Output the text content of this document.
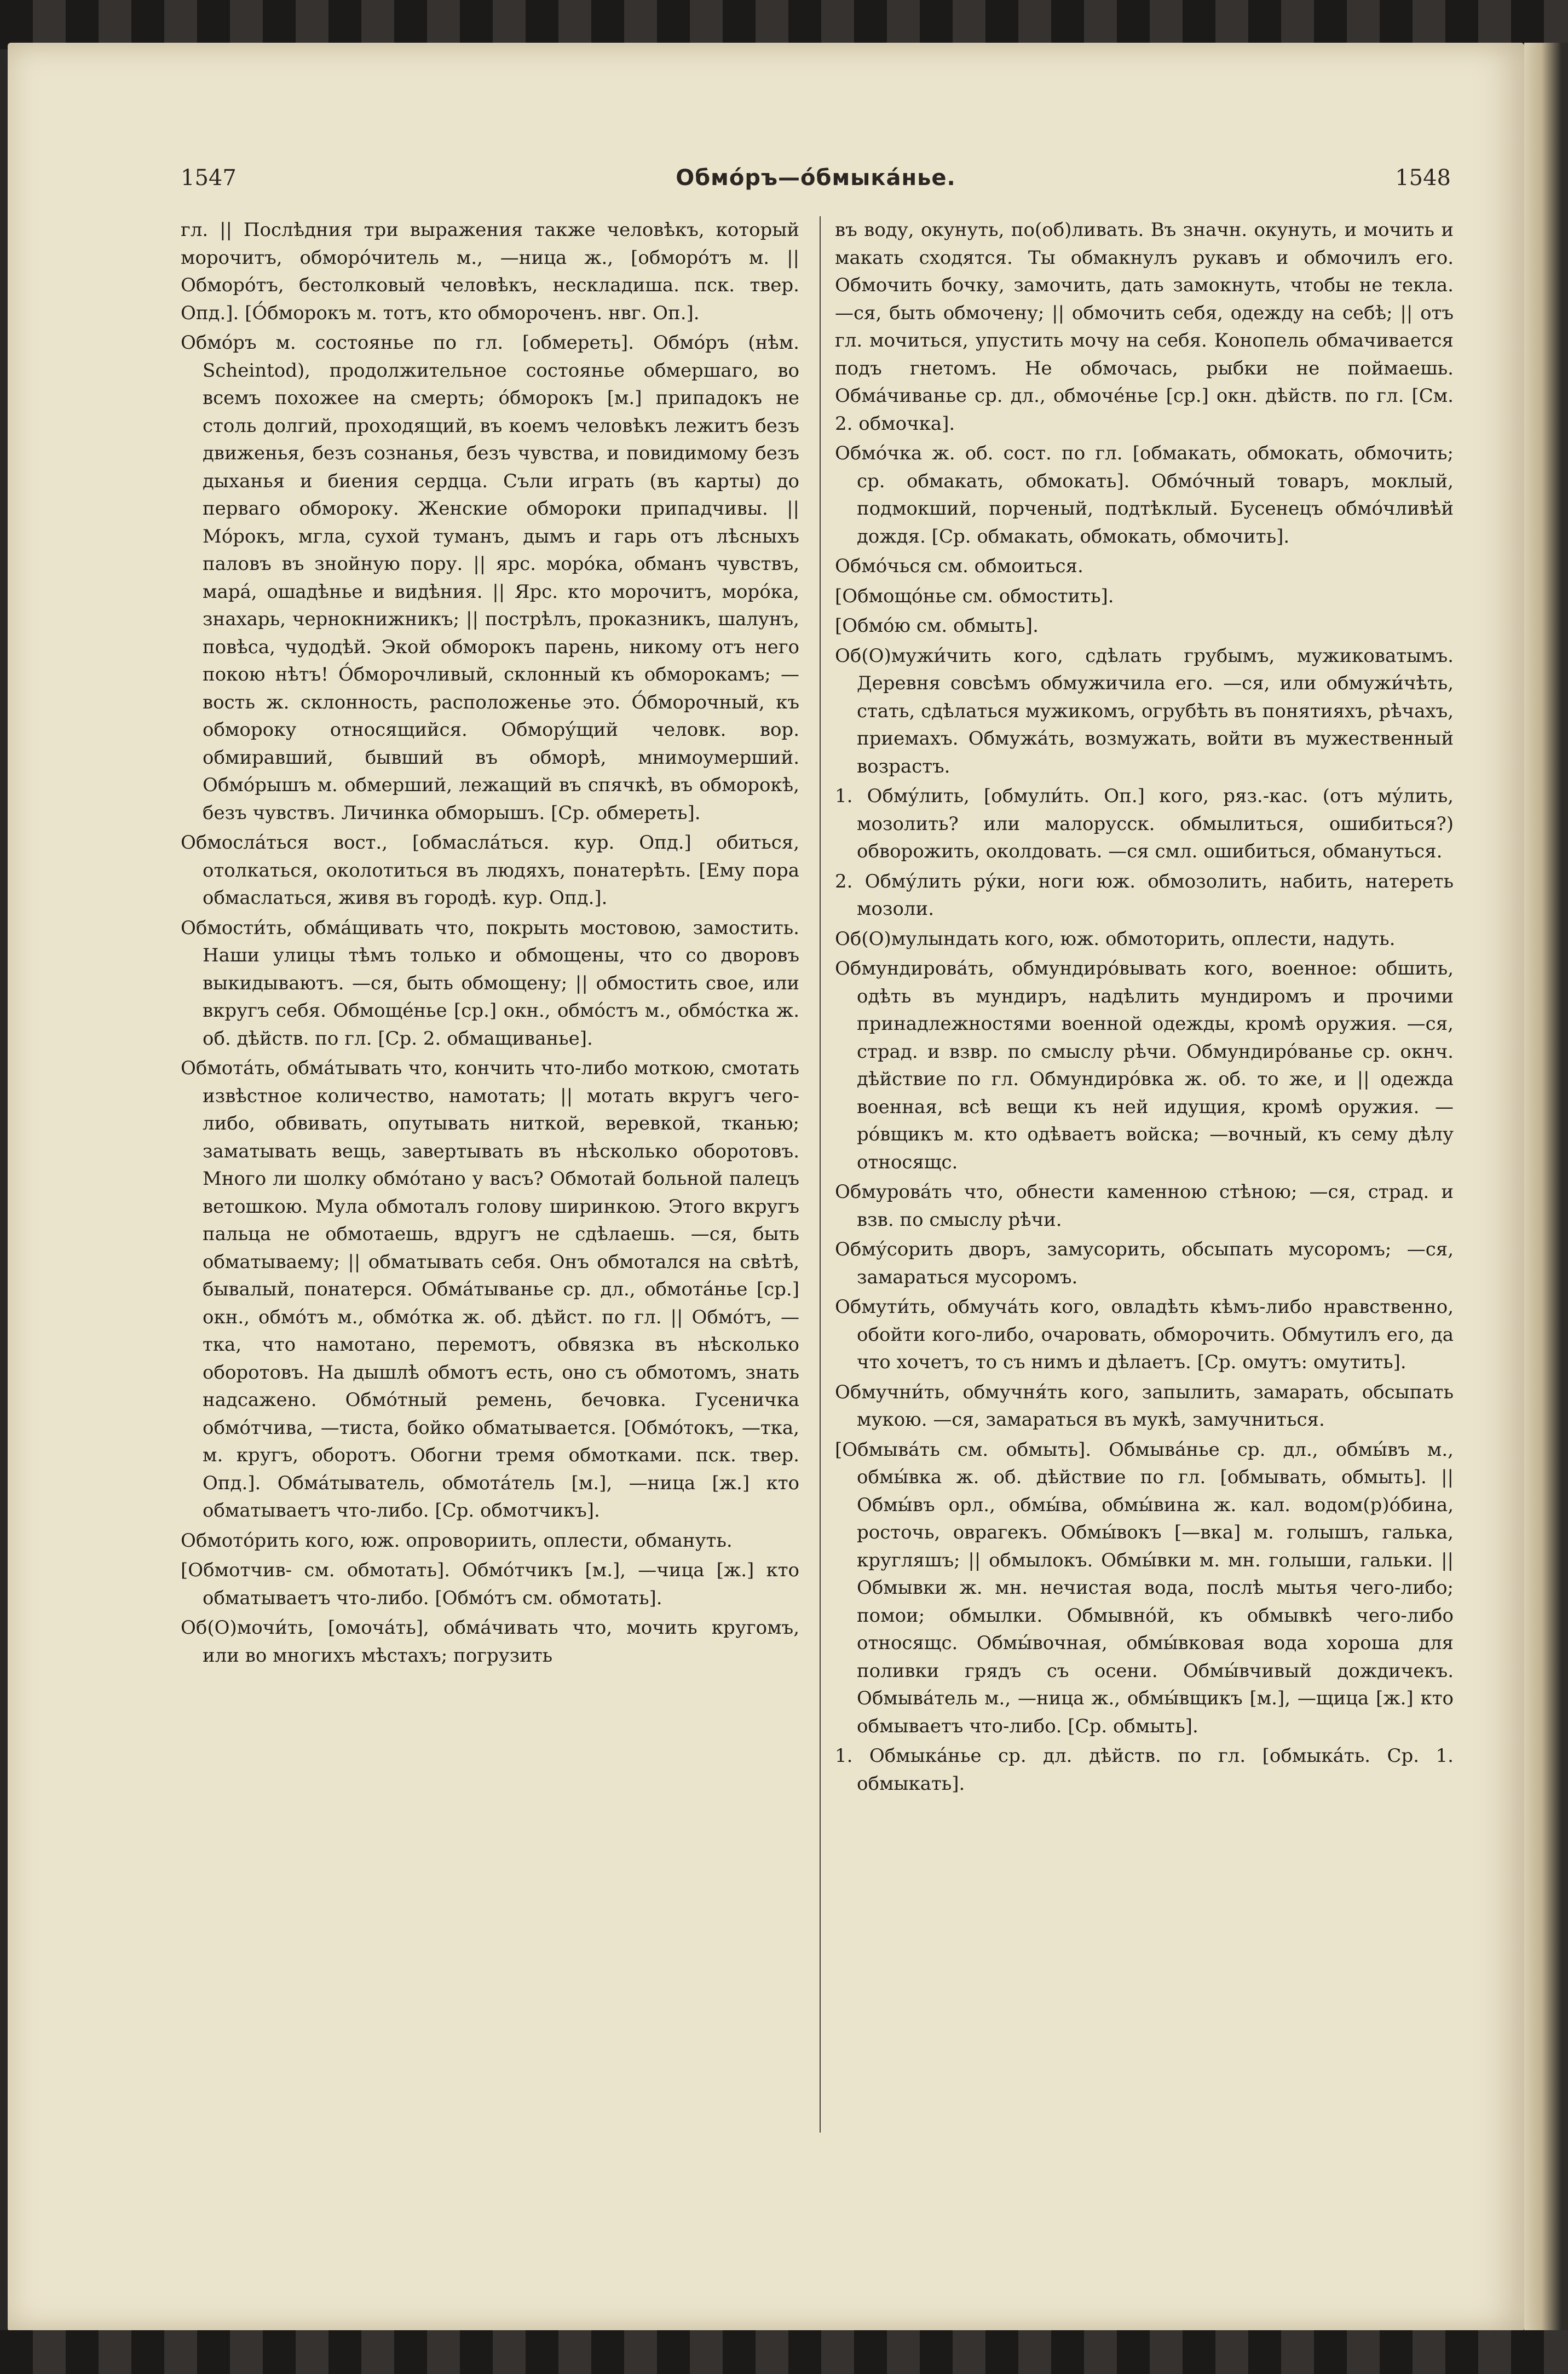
1547	Обмо́ръ—о́бмыка́нье.	1548

гл. || Послѣдния три выражения также человѣкъ, который морочитъ, обморо́читель м., —ница ж., [обморо́тъ м. || Обморо́тъ, бестолковый человѣкъ, нескладиша. пск. твер. Опд.]. [О́бморокъ м. тотъ, кто обмороченъ. нвг. Оп.].

Обмо́ръ м. состоянье по гл. [обмереть]. Обмо́ръ (нѣм. Scheintod), продолжительное состоянье обмершаго, во всемъ похожее на смерть; о́бморокъ [м.] припадокъ не столь долгий, проходящий, въ коемъ человѣкъ лежитъ безъ движенья, безъ сознанья, безъ чувства, и повидимому безъ дыханья и биения сердца. Съли играть (въ карты) до перваго обмороку. Женские обмороки припадчивы. || Мо́рокъ, мгла, сухой туманъ, дымъ и гарь отъ лѣсныхъ паловъ въ знойную пору. || ярс. моро́ка, обманъ чувствъ, мара́, ошадѣнье и видѣния. || Ярс. кто морочитъ, моро́ка, знахарь, чернокнижникъ; || пострѣлъ, проказникъ, шалунъ, повѣса, чудодѣй. Экой обморокъ парень, никому отъ него покою нѣтъ! О́бморочливый, склонный къ обморокамъ; —вость ж. склонность, расположенье это. О́бморочный, къ обмороку относящийся. Обмору́щий человк. вор. обмиравший, бывший въ обморѣ, мнимоумерший. Обмо́рышъ м. обмерший, лежащий въ спячкѣ, въ обморокѣ, безъ чувствъ. Личинка обморышъ. [Ср. обмереть].

Обмосла́ться вост., [обмасла́ться. кур. Опд.] обиться, отолкаться, околотиться въ людяхъ, понатерѣть. [Ему пора обмаслаться, живя въ городѣ. кур. Опд.].

Обмости́ть, обма́щивать что, покрыть мостовою, замостить. Наши улицы тѣмъ только и обмощены, что со дворовъ выкидываютъ. —ся, быть обмощену; || обмостить свое, или вкругъ себя. Обмоще́нье [ср.] окн., обмо́стъ м., обмо́стка ж. об. дѣйств. по гл. [Ср. 2. обмащиванье].

Обмота́ть, обма́тывать что, кончить что-либо моткою, смотать извѣстное количество, намотать; || мотать вкругъ чего-либо, обвивать, опутывать ниткой, веревкой, тканью; заматывать вещь, завертывать въ нѣсколько оборотовъ. Много ли шолку обмо́тано у васъ? Обмотай больной палецъ ветошкою. Мула обмоталъ голову ширинкою. Этого вкругъ пальца не обмотаешь, вдругъ не сдѣлаешь. —ся, быть обматываему; || обматывать себя. Онъ обмотался на свѣтѣ, бывалый, понатерся. Обма́тыванье ср. дл., обмота́нье [ср.] окн., обмо́тъ м., обмо́тка ж. об. дѣйст. по гл. || Обмо́тъ, —тка, что намотано, перемотъ, обвязка въ нѣсколько оборотовъ. На дышлѣ обмотъ есть, оно съ обмотомъ, знать надсажено. Обмо́тный ремень, бечовка. Гусеничка обмо́тчива, —тиста, бойко обматывается. [Обмо́токъ, —тка, м. кругъ, оборотъ. Обогни тремя обмотками. пск. твер. Опд.]. Обма́тыватель, обмота́тель [м.], —ница [ж.] кто обматываетъ что-либо. [Ср. обмотчикъ].

Обмото́рить кого, юж. опровориить, оплести, обмануть.

[Обмотчив- см. обмотать]. Обмо́тчикъ [м.], —чица [ж.] кто обматываетъ что-либо. [Обмо́тъ см. обмотать].

Об(О)мочи́ть, [омоча́ть], обма́чивать что, мочить кругомъ, или во многихъ мѣстахъ; погрузить

въ воду, окунуть, по(об)ливать. Въ значн. окунуть, и мочить и макать сходятся. Ты обмакнулъ рукавъ и обмочилъ его. Обмочить бочку, замочить, дать замокнуть, чтобы не текла. —ся, быть обмочену; || обмочить себя, одежду на себѣ; || отъ гл. мочиться, упустить мочу на себя. Конопель обмачивается подъ гнетомъ. Не обмочась, рыбки не поймаешь. Обма́чиванье ср. дл., обмоче́нье [ср.] окн. дѣйств. по гл. [См. 2. обмочка].

Обмо́чка ж. об. сост. по гл. [обмакать, обмокать, обмочить; ср. обмакать, обмокать]. Обмо́чный товаръ, моклый, подмокший, порченый, подтѣклый. Бусенецъ обмо́чливѣй дождя. [Ср. обмакать, обмокать, обмочить].

Обмо́чься см. обмоиться.

[Обмощо́нье см. обмостить].

[Обмо́ю см. обмыть].

Об(О)мужи́чить кого, сдѣлать грубымъ, мужиковатымъ. Деревня совсѣмъ обмужичила его. —ся, или обмужи́чѣть, стать, сдѣлаться мужикомъ, огрубѣть въ понятияхъ, рѣчахъ, приемахъ. Обмужа́ть, возмужать, войти въ мужественный возрастъ.

1. Обму́лить, [обмули́ть. Оп.] кого, ряз.-кас. (отъ му́лить, мозолить? или малорусск. обмылиться, ошибиться?) обворожить, околдовать. —ся смл. ошибиться, обмануться.

2. Обму́лить ру́ки, ноги юж. обмозолить, набить, натереть мозоли.

Об(О)мулындать кого, юж. обмоторить, оплести, надуть.

Обмундирова́ть, обмундиро́вывать кого, военное: обшить, одѣть въ мундиръ, надѣлить мундиромъ и прочими принадлежностями военной одежды, кромѣ оружия. —ся, страд. и взвр. по смыслу рѣчи. Обмундиро́ванье ср. окнч. дѣйствие по гл. Обмундиро́вка ж. об. то же, и || одежда военная, всѣ вещи къ ней идущия, кромѣ оружия. —ро́вщикъ м. кто одѣваетъ войска; —вочный, къ сему дѣлу относящс.

Обмурова́ть что, обнести каменною стѣною; —ся, страд. и взв. по смыслу рѣчи.

Обму́сорить дворъ, замусорить, обсыпать мусоромъ; —ся, замараться мусоромъ.

Обмути́ть, обмуча́ть кого, овладѣть кѣмъ-либо нравственно, обойти кого-либо, очаровать, обморочить. Обмутилъ его, да что хочетъ, то съ нимъ и дѣлаетъ. [Ср. омутъ: омутить].

Обмучни́ть, обмучня́ть кого, запылить, замарать, обсыпать мукою. —ся, замараться въ мукѣ, замучниться.

[Обмыва́ть см. обмыть]. Обмыва́нье ср. дл., обмы́въ м., обмы́вка ж. об. дѣйствие по гл. [обмывать, обмыть]. || Обмы́въ орл., обмы́ва, обмы́вина ж. кал. водом(р)о́бина, росточь, оврагекъ. Обмы́вокъ [—вка] м. голышъ, галька, кругляшъ; || обмылокъ. Обмы́вки м. мн. голыши, гальки. || Обмывки ж. мн. нечистая вода, послѣ мытья чего-либо; помои; обмылки. Обмывно́й, къ обмывкѣ чего-либо относящс. Обмы́вочная, обмы́вковая вода хороша для поливки грядъ съ осени. Обмы́вчивый дождичекъ. Обмыва́тель м., —ница ж., обмы́вщикъ [м.], —щица [ж.] кто обмываетъ что-либо. [Ср. обмыть].

1. Обмыка́нье ср. дл. дѣйств. по гл. [обмыка́ть. Ср. 1. обмыкать].
